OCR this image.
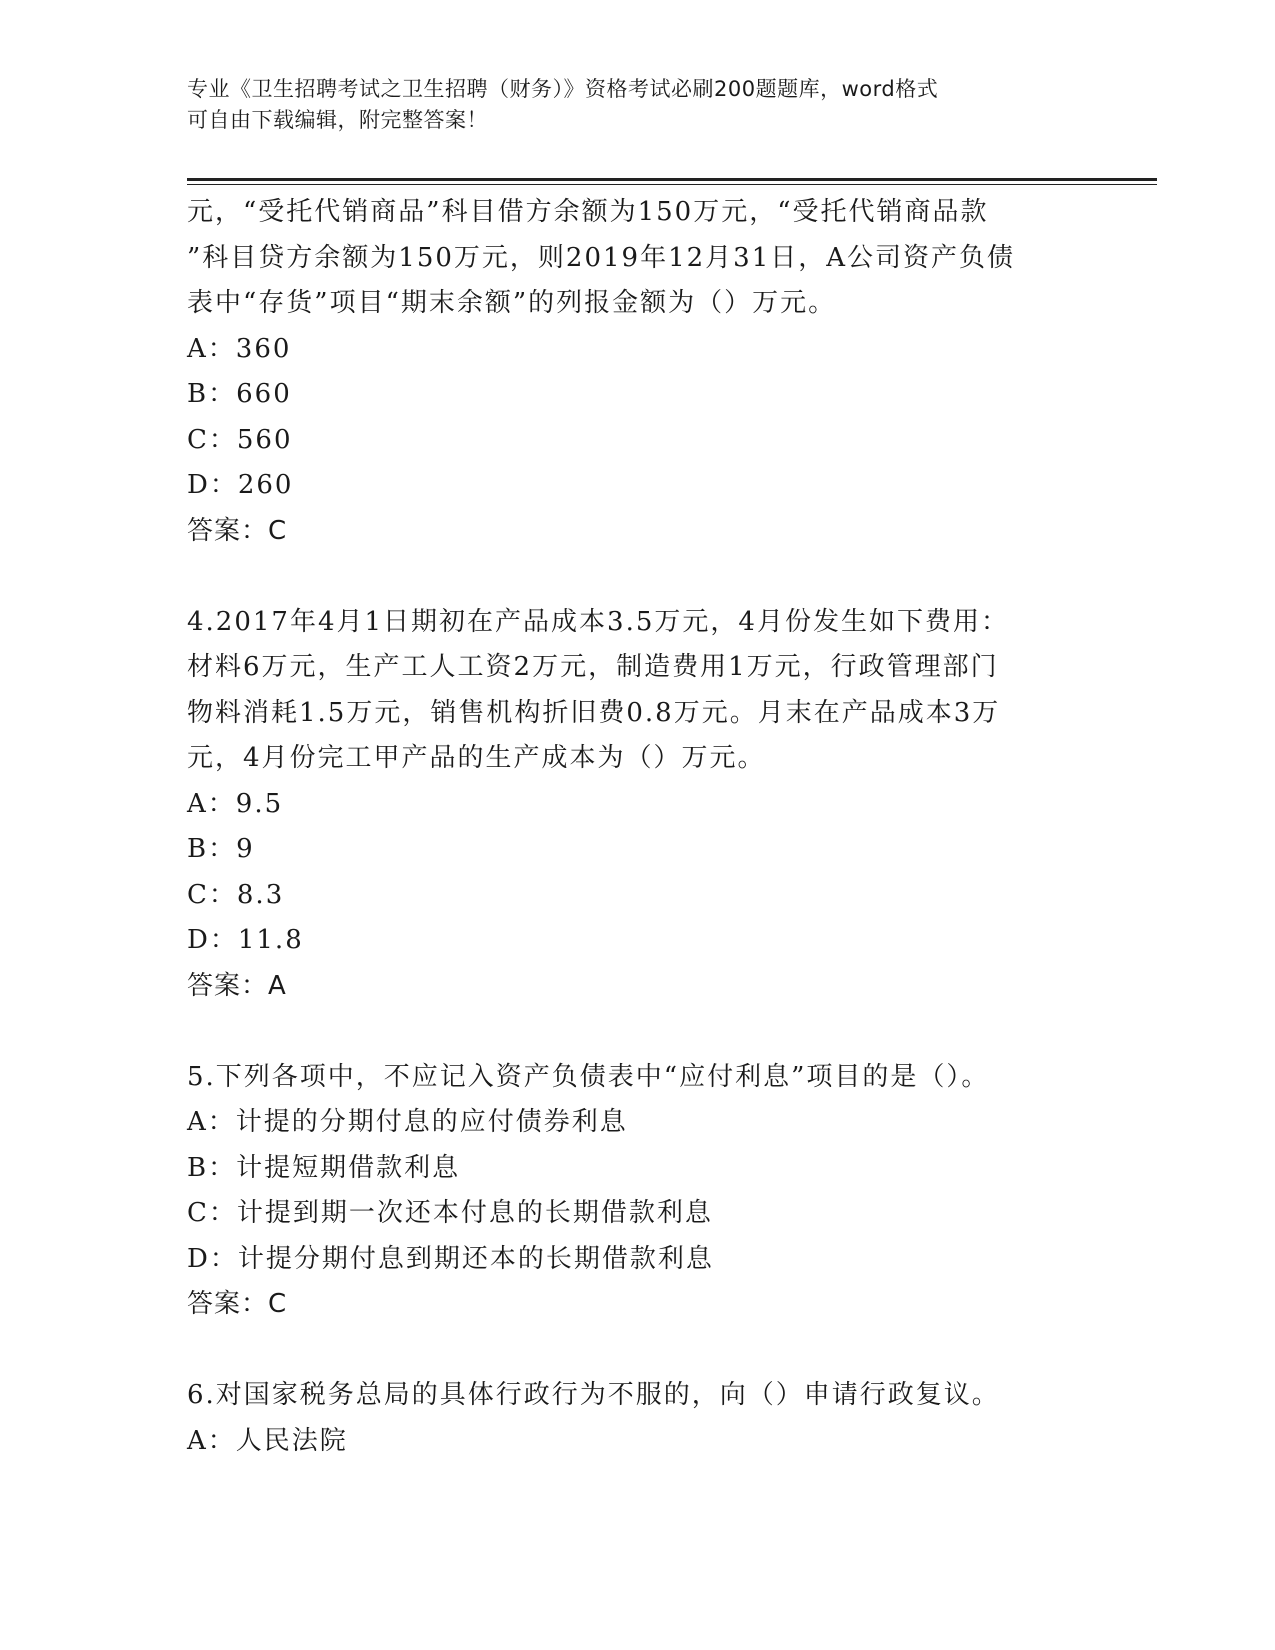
专业《卫生招聘考试之卫生招聘（财务）》资格考试必刷200题题库，word格式
可自由下载编辑，附完整答案！
元，“受托代销商品”科目借方余额为150万元，“受托代销商品款
”科目贷方余额为150万元，则2019年12月31日，A公司资产负债
表中“存货”项目“期末余额”的列报金额为（）万元。
A：360
B：660
C：560
D：260
答案：C
4.2017年4月1日期初在产品成本3.5万元，4月份发生如下费用：
材料6万元，生产工人工资2万元，制造费用1万元，行政管理部门
物料消耗1.5万元，销售机构折旧费0.8万元。月末在产品成本3万
元，4月份完工甲产品的生产成本为（）万元。
A：9.5
B：9
C：8.3
D：11.8
答案：A
5.下列各项中，不应记入资产负债表中“应付利息”项目的是（）。
A：计提的分期付息的应付债券利息
B：计提短期借款利息
C：计提到期一次还本付息的长期借款利息
D：计提分期付息到期还本的长期借款利息
答案：C
6.对国家税务总局的具体行政行为不服的，向（）申请行政复议。
A：人民法院
